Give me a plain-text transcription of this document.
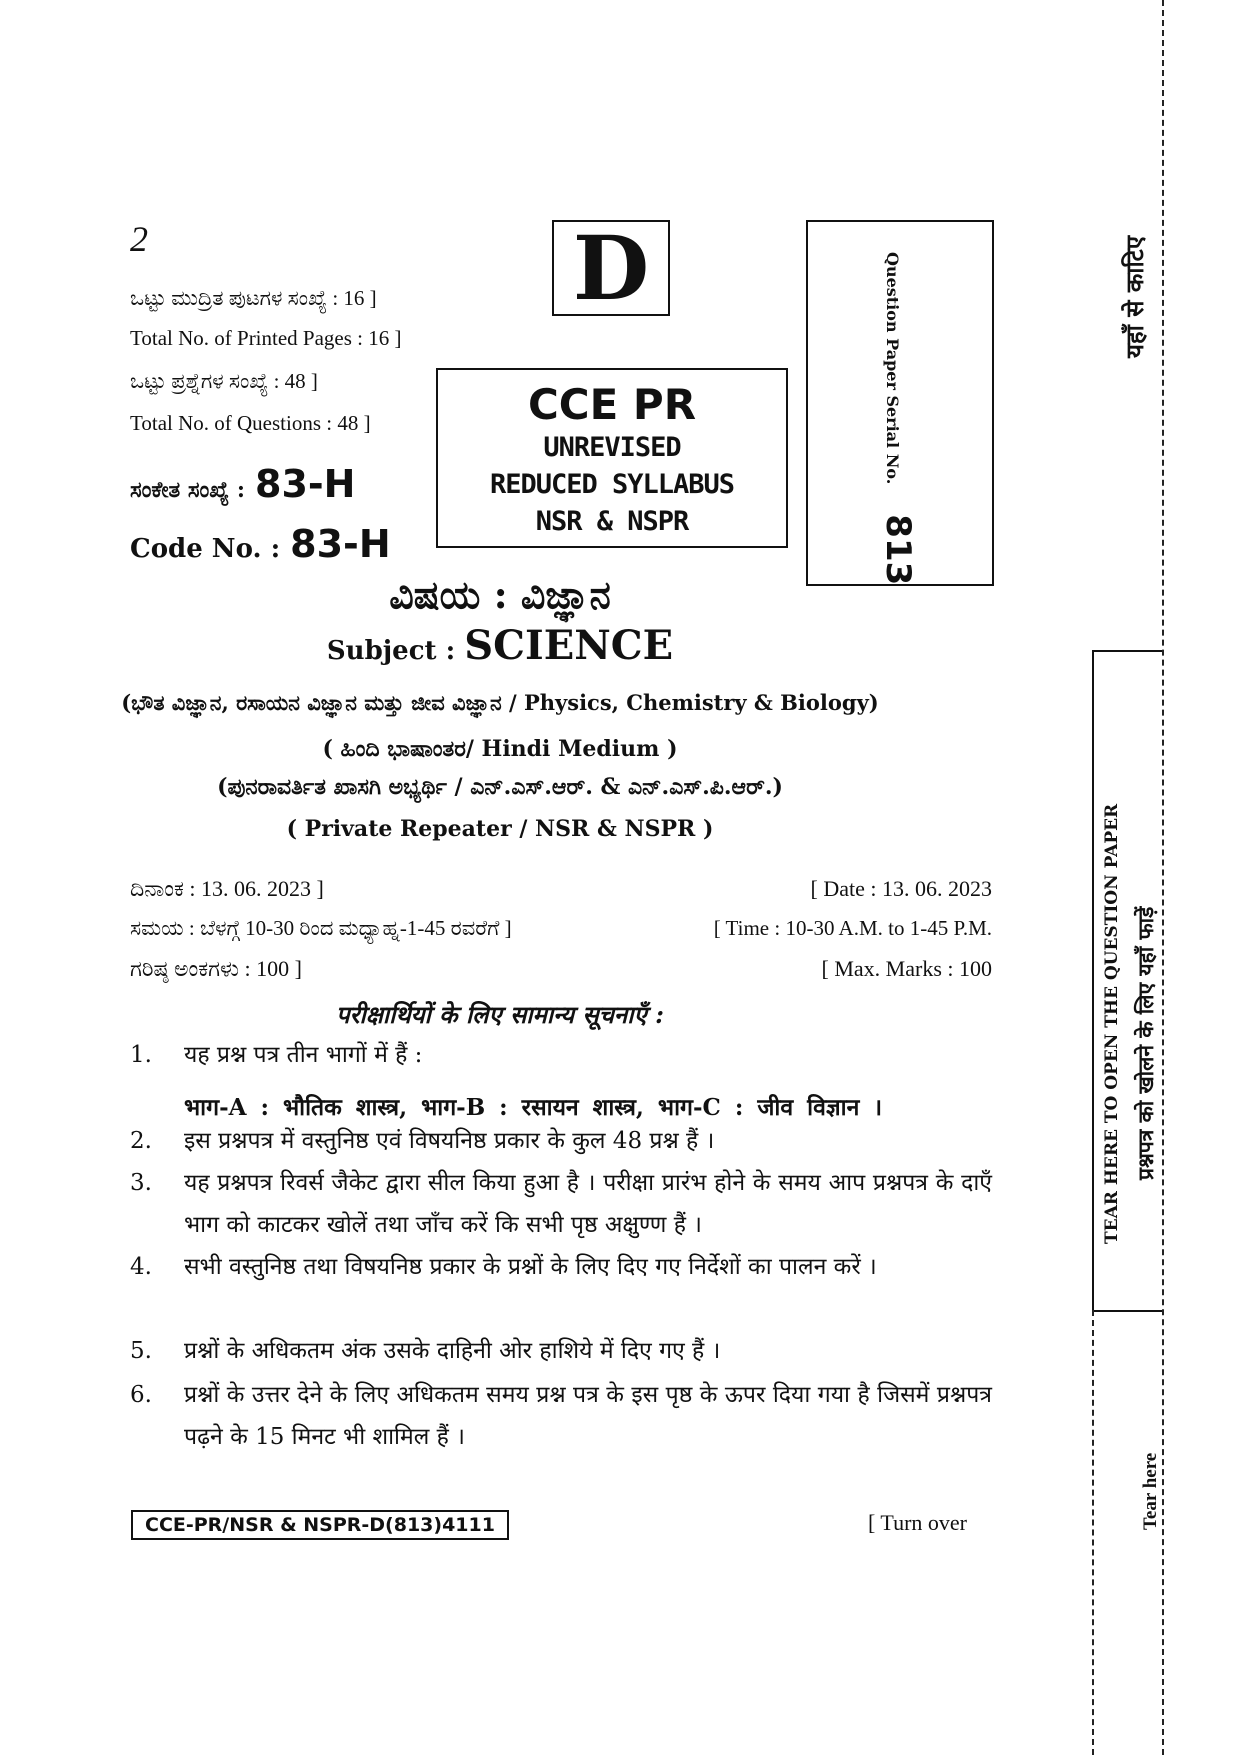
2
ಒಟ್ಟು ಮುದ್ರಿತ ಪುಟಗಳ ಸಂಖ್ಯೆ : 16 ]
Total No. of Printed Pages : 16 ]
ಒಟ್ಟು ಪ್ರಶ್ನೆಗಳ ಸಂಖ್ಯೆ : 48 ]
Total No. of Questions : 48 ]
ಸಂಕೇತ ಸಂಖ್ಯೆ : 83-H
Code No. : 83-H
D
CCE PR
UNREVISED
REDUCED SYLLABUS
NSR & NSPR
Question Paper Serial No.813
ವಿಷಯ : ವಿಜ್ಞಾನ
Subject : SCIENCE
(ಭೌತ ವಿಜ್ಞಾನ, ರಸಾಯನ ವಿಜ್ಞಾನ ಮತ್ತು ಜೀವ ವಿಜ್ಞಾನ / Physics, Chemistry & Biology)
( ಹಿಂದಿ ಭಾಷಾಂತರ/ Hindi Medium )
(ಪುನರಾವರ್ತಿತ ಖಾಸಗಿ ಅಭ್ಯರ್ಥಿ / ಎನ್.ಎಸ್.ಆರ್. & ಎನ್.ಎಸ್.ಪಿ.ಆರ್.)
( Private Repeater / NSR & NSPR )
ದಿನಾಂಕ : 13. 06. 2023 ]	[ Date : 13. 06. 2023
ಸಮಯ : ಬೆಳಗ್ಗೆ 10-30 ರಿಂದ ಮಧ್ಯಾಹ್ನ-1-45 ರವರೆಗೆ ]	[ Time : 10-30 A.M. to 1-45 P.M.
ಗರಿಷ್ಠ ಅಂಕಗಳು : 100 ]	[ Max. Marks : 100
परीक्षार्थियों के लिए सामान्य सूचनाएँ :
1.	यह प्रश्न पत्र तीन भागों में हैं :
भाग-A : भौतिक शास्त्र, भाग-B : रसायन शास्त्र, भाग-C : जीव विज्ञान ।
2.	इस प्रश्नपत्र में वस्तुनिष्ठ एवं विषयनिष्ठ प्रकार के कुल 48 प्रश्न हैं ।
3.	यह प्रश्नपत्र रिवर्स जैकेट द्वारा सील किया हुआ है । परीक्षा प्रारंभ होने के समय आप प्रश्नपत्र के दाएँ भाग को काटकर खोलें तथा जाँच करें कि सभी पृष्ठ अक्षुण्ण हैं ।
4.	सभी वस्तुनिष्ठ तथा विषयनिष्ठ प्रकार के प्रश्नों के लिए दिए गए निर्देशों का पालन करें ।
5.	प्रश्नों के अधिकतम अंक उसके दाहिनी ओर हाशिये में दिए गए हैं ।
6.	प्रश्नों के उत्तर देने के लिए अधिकतम समय प्रश्न पत्र के इस पृष्ठ के ऊपर दिया गया है जिसमें प्रश्नपत्र पढ़ने के 15 मिनट भी शामिल हैं ।
CCE-PR/NSR & NSPR-D(813)4111	[ Turn over
यहाँ से काटिए
TEAR HERE TO OPEN THE QUESTION PAPER प्रश्नपत्र को खोलने के लिए यहाँ फाड़ें
Tear here
